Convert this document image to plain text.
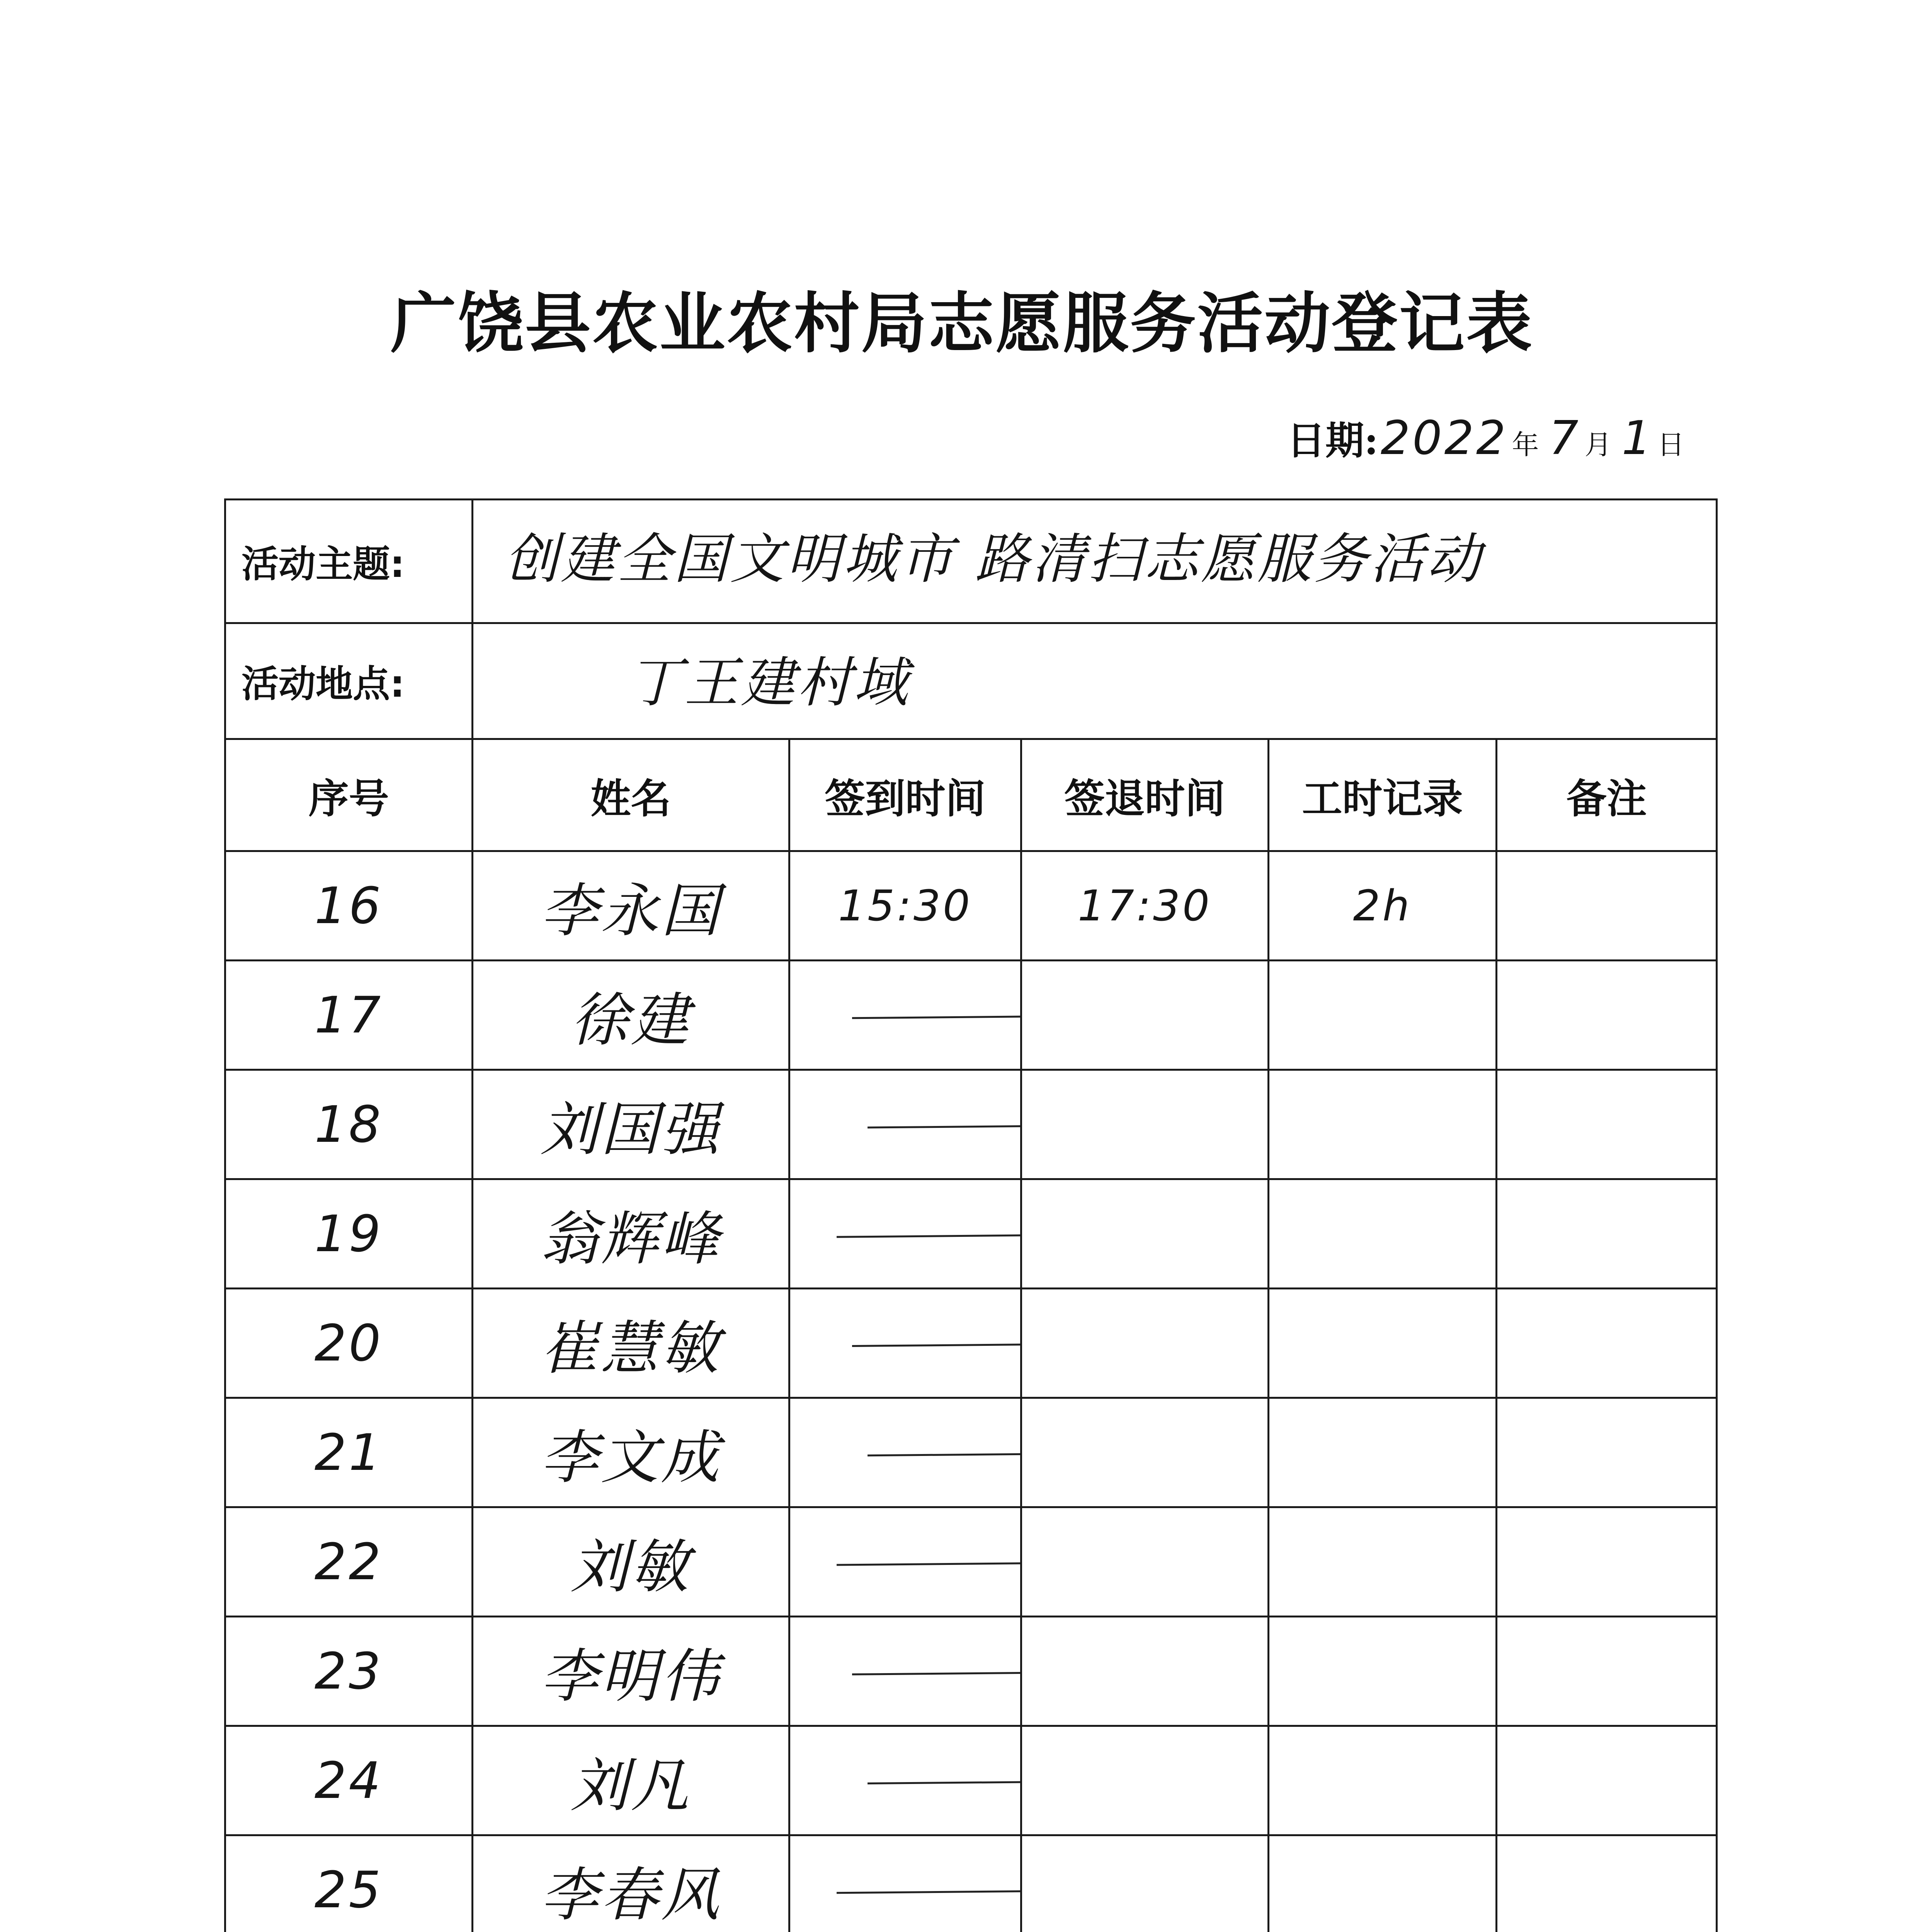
广饶县农业农村局志愿服务活动登记表
日期: 2022 年 7 月 1 日
活动主题:	创建全国文明城市 路清扫志愿服务活动				

活动地点:	丁王建村域				

序号	姓名	签到时间	签退时间	工时记录	备注
16	李永国	15:30	17:30	2h	
17	徐建	

18	刘国强	

19	翁辉峰	

20	崔慧敏	

21	李文成	

22	刘敏	

23	李明伟	

24	刘凡	

25	李春风	
